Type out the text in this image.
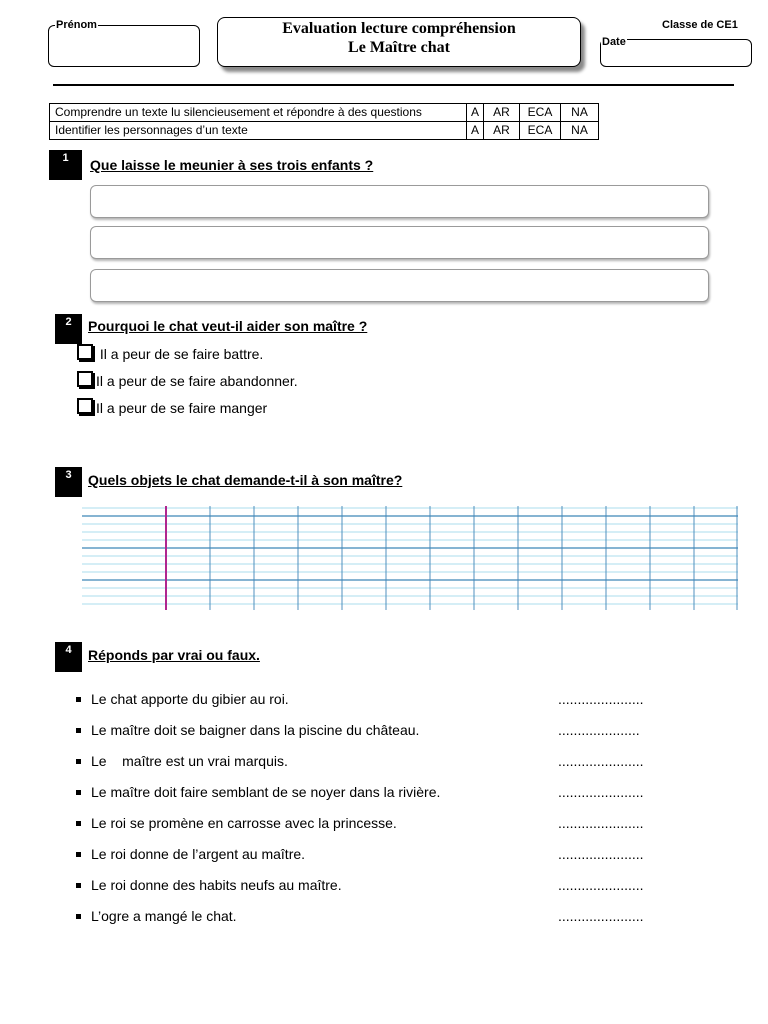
Prénom	Evaluation lecture compréhension
Le Maître chat
Classe de CE1
Date
Comprendre un texte lu silencieusement et répondre à des questions	A	AR	ECA	NA
Identifier les personnages d’un texte	A	AR	ECA	NA
1	Que laisse le meunier à ses trois enfants ?
2	Pourquoi le chat veut-il aider son maître ?
Il a peur de se faire battre.
Il a peur de se faire abandonner.
Il a peur de se faire manger
3	Quels objets le chat demande-t-il à son maître?
4	Réponds par vrai ou faux.
Le chat apporte du gibier au roi.	......................
Le maître doit se baigner dans la piscine du château.	.....................
Le    maître est un vrai marquis.	......................
Le maître doit faire semblant de se noyer dans la rivière.	......................
Le roi se promène en carrosse avec la princesse.	......................
Le roi donne de l’argent au maître.	......................
Le roi donne des habits neufs au maître.	......................
L’ogre a mangé le chat.	......................
